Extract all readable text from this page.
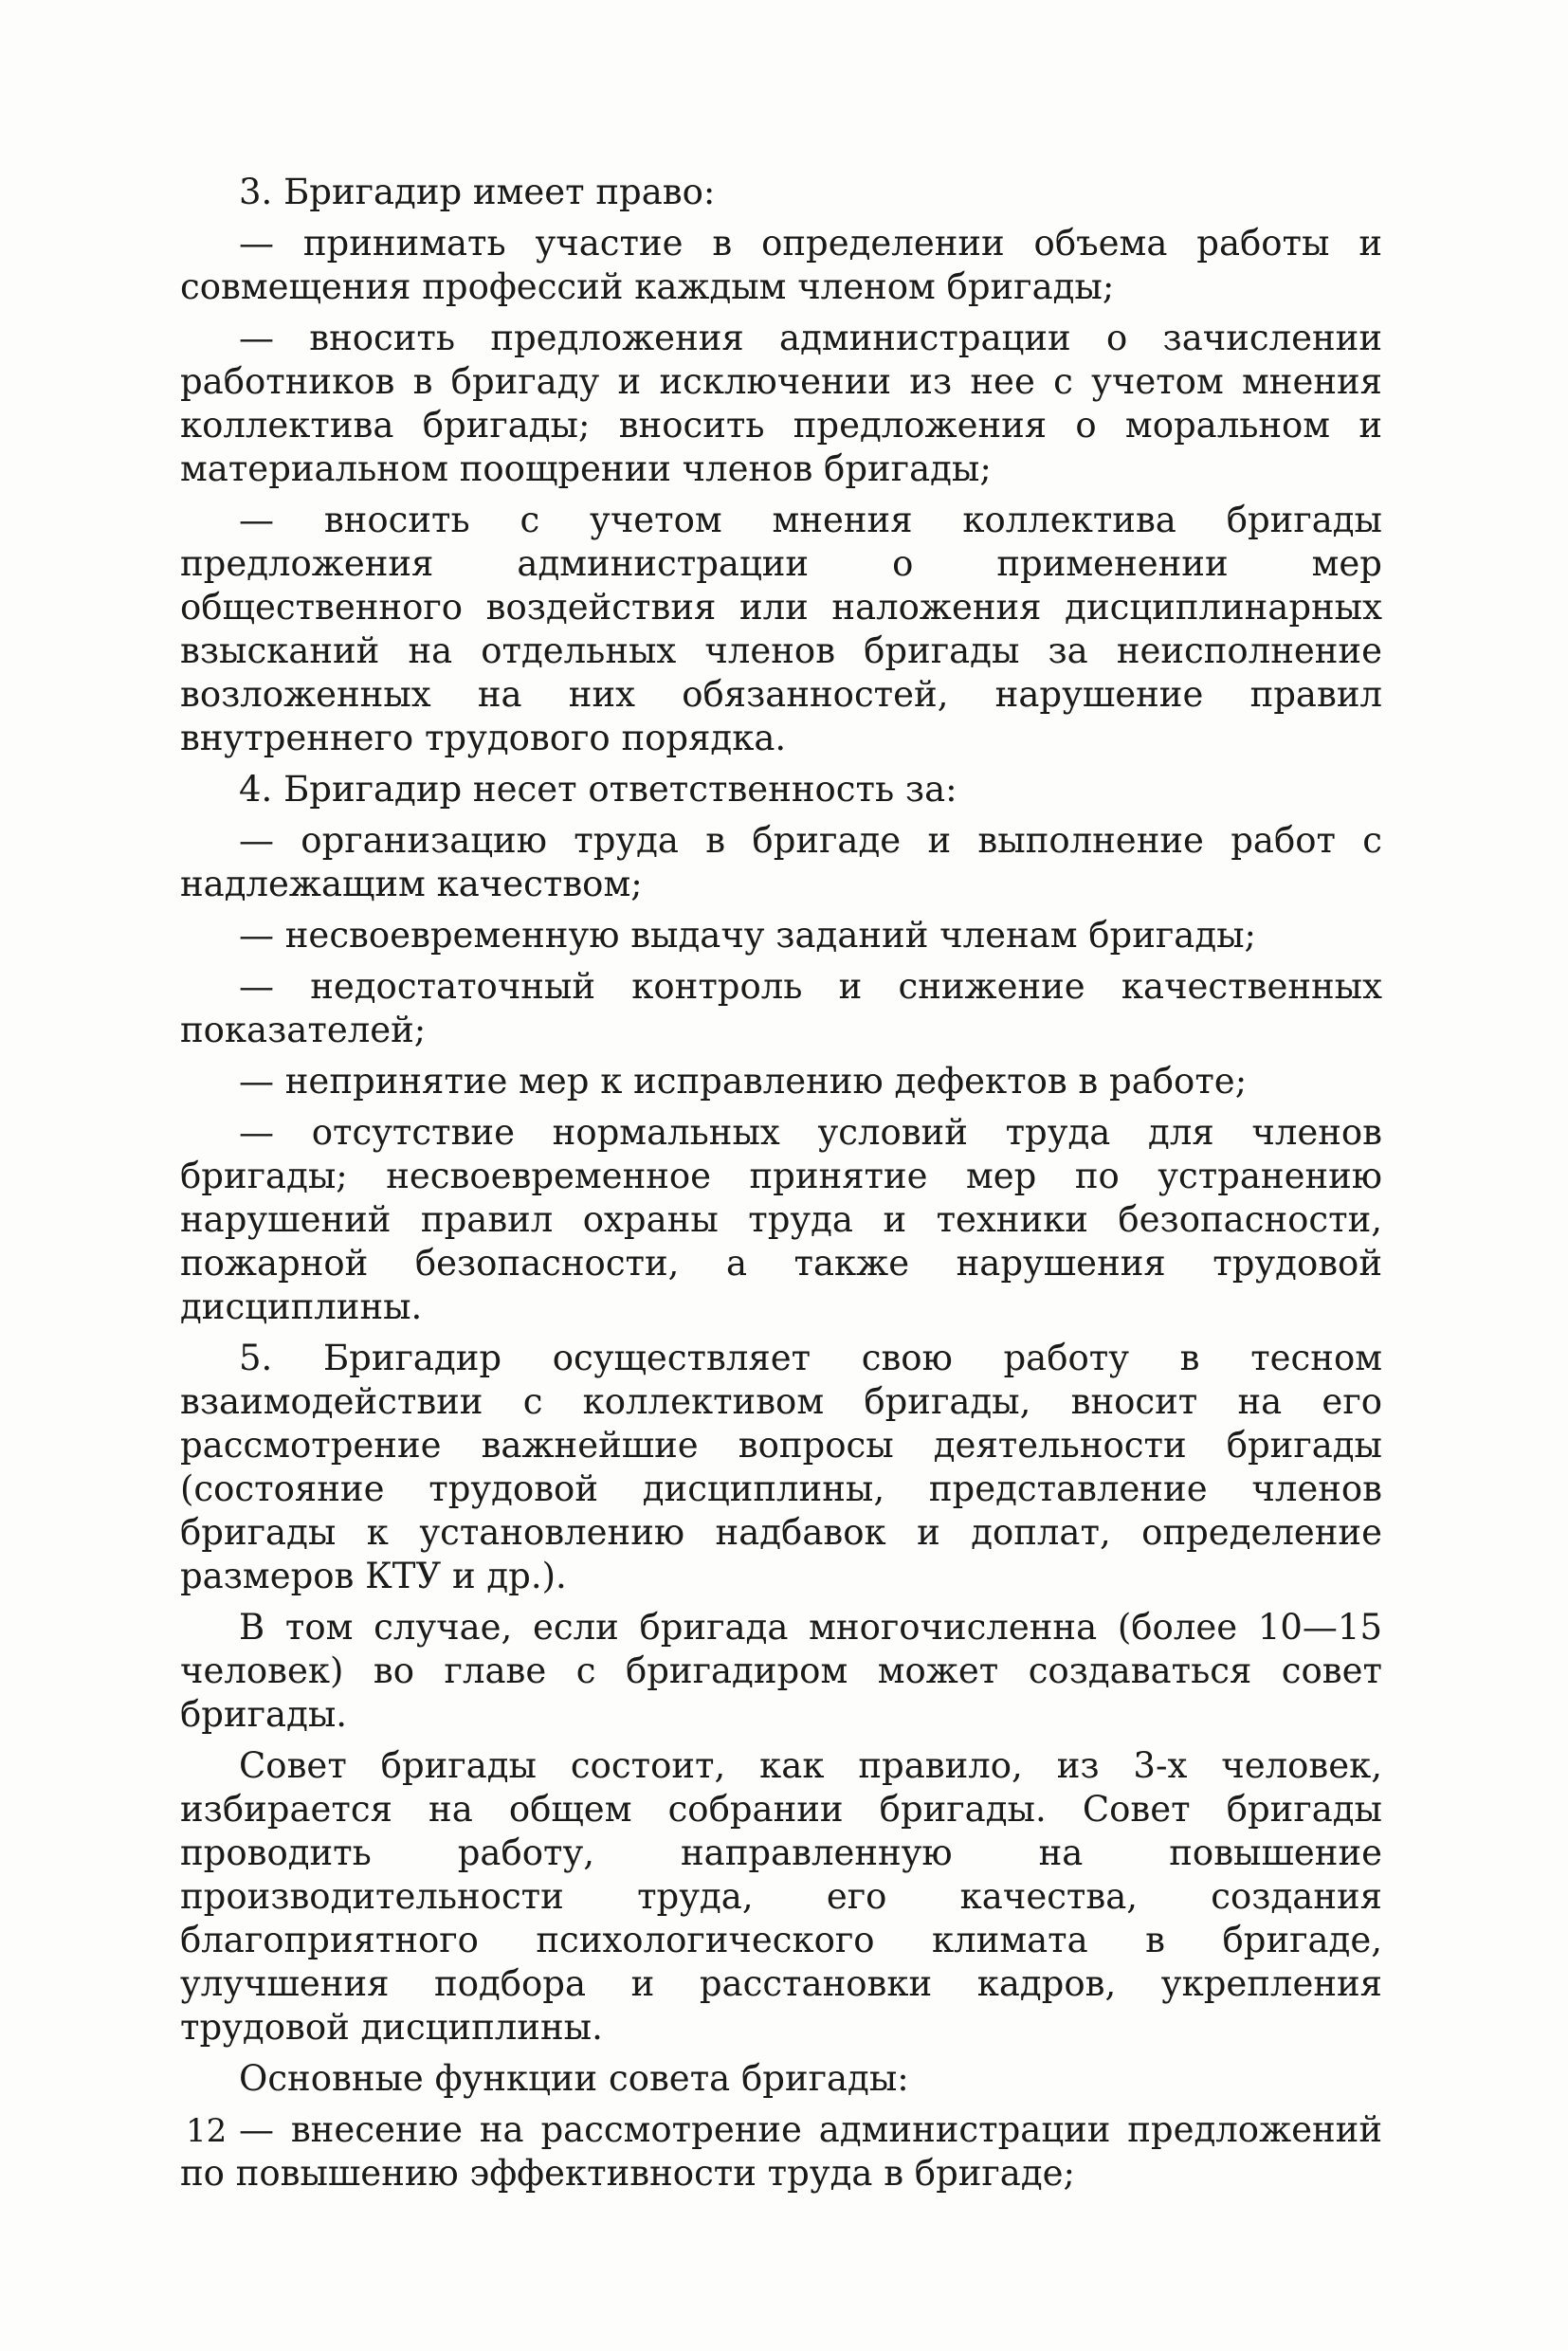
3. Бригадир имеет право:

— принимать участие в определении объема работы и совмещения профессий каждым членом бригады;

— вносить предложения администрации о зачислении работников в бригаду и исключении из нее с учетом мнения коллектива бригады; вносить предложения о моральном и материальном поощрении членов бригады;

— вносить с учетом мнения коллектива бригады предложения администрации о применении мер общественного воздействия или наложения дисциплинарных взысканий на отдельных членов бригады за неисполнение возложенных на них обязанностей, нарушение правил внутреннего трудового порядка.

4. Бригадир несет ответственность за:

— организацию труда в бригаде и выполнение работ с надлежащим качеством;

— несвоевременную выдачу заданий членам бригады;

— недостаточный контроль и снижение качественных показателей;

— непринятие мер к исправлению дефектов в работе;

— отсутствие нормальных условий труда для членов бригады; несвоевременное принятие мер по устранению нарушений правил охраны труда и техники безопасности, пожарной безопасности, а также нарушения трудовой дисциплины.

5. Бригадир осуществляет свою работу в тесном взаимодействии с коллективом бригады, вносит на его рассмотрение важнейшие вопросы деятельности бригады (состояние трудовой дисциплины, представление членов бригады к установлению надбавок и доплат, определение размеров КТУ и др.).

В том случае, если бригада многочисленна (более 10—15 человек) во главе с бригадиром может создаваться совет бригады.

Совет бригады состоит, как правило, из 3-х человек, избирается на общем собрании бригады. Совет бригады проводить работу, направленную на повышение производительности труда, его качества, создания благоприятного психологического климата в бригаде, улучшения подбора и расстановки кадров, укрепления трудовой дисциплины.

Основные функции совета бригады:

— внесение на рассмотрение администрации предложений по повышению эффективности труда в бригаде;

12
